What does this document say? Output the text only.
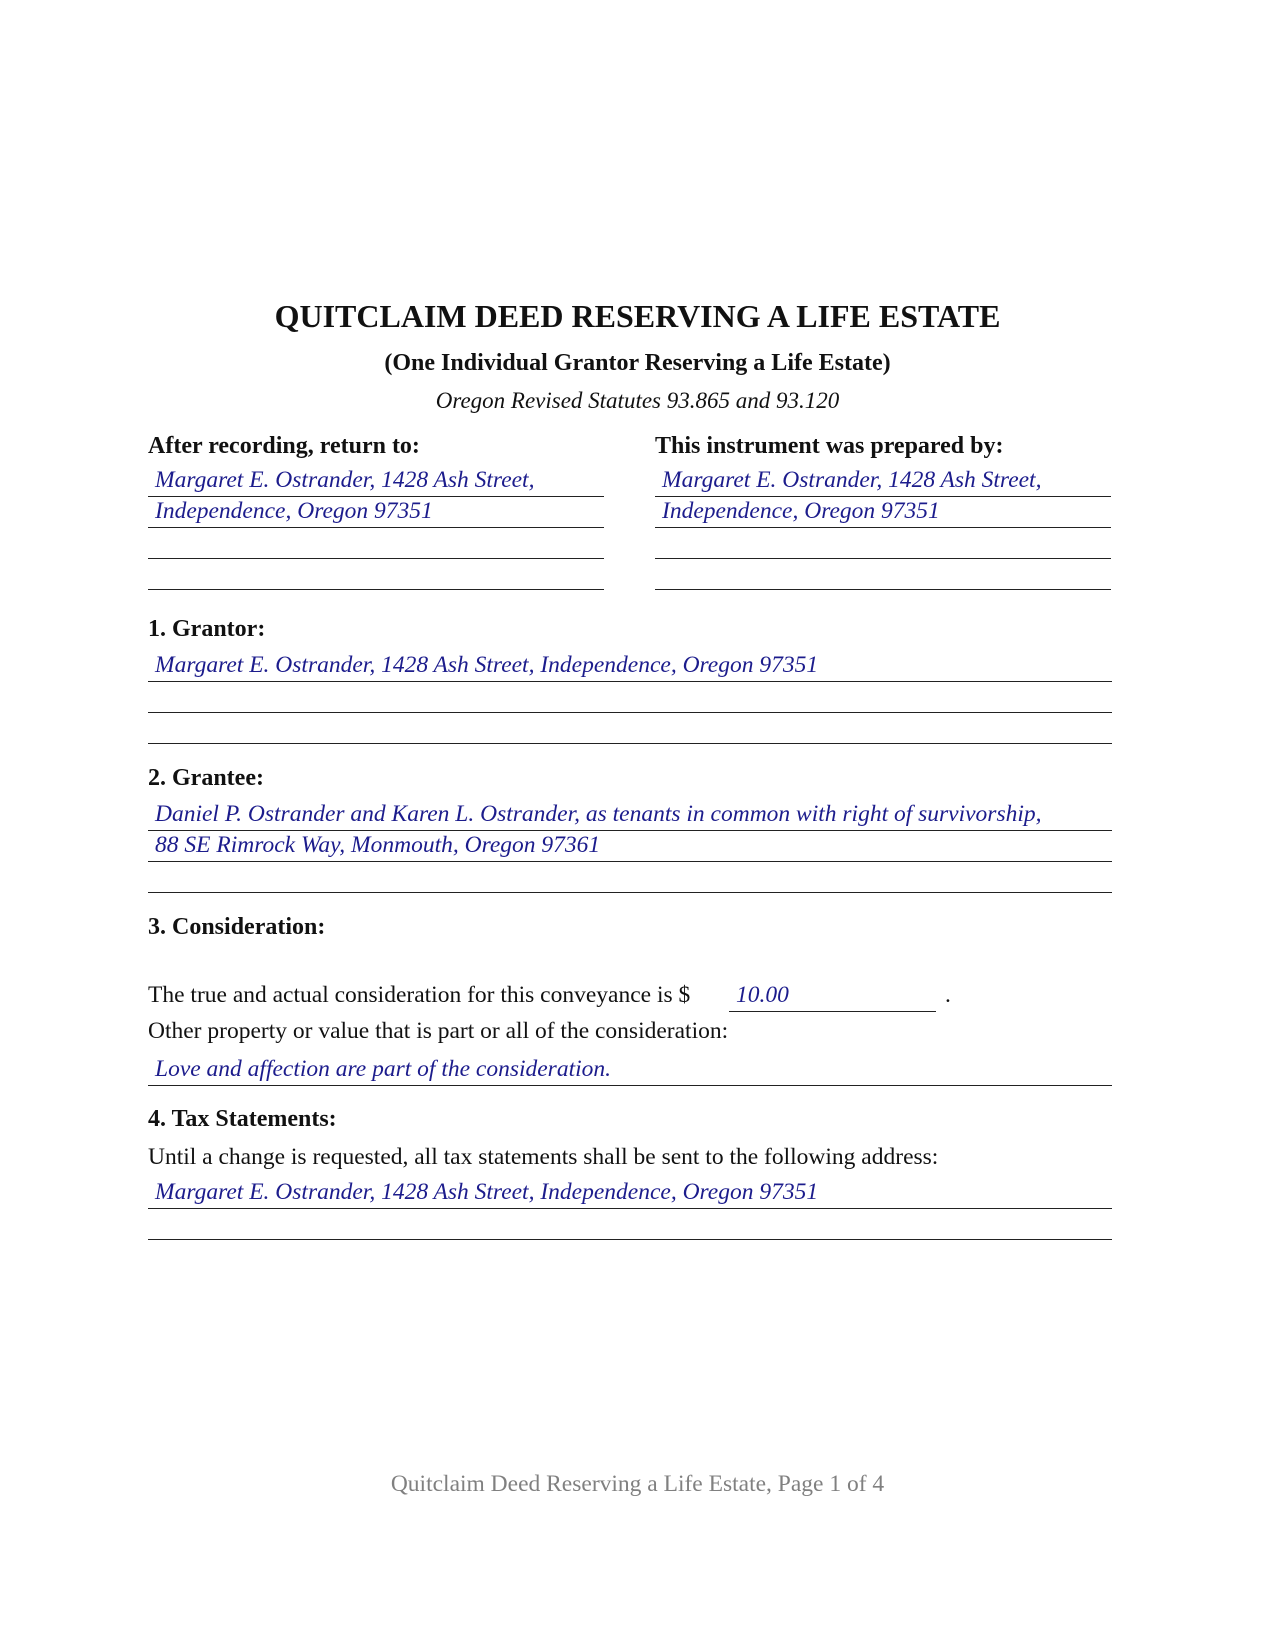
QUITCLAIM DEED RESERVING A LIFE ESTATE
(One Individual Grantor Reserving a Life Estate)
Oregon Revised Statutes 93.865 and 93.120
After recording, return to:
Margaret E. Ostrander, 1428 Ash Street,
Independence, Oregon 97351
This instrument was prepared by:
Margaret E. Ostrander, 1428 Ash Street,
Independence, Oregon 97351
1. Grantor:
Margaret E. Ostrander, 1428 Ash Street, Independence, Oregon 97351
2. Grantee:
Daniel P. Ostrander and Karen L. Ostrander, as tenants in common with right of survivorship,
88 SE Rimrock Way, Monmouth, Oregon 97361
3. Consideration:
The true and actual consideration for this conveyance is $ 10.00	.
Other property or value that is part or all of the consideration:
Love and affection are part of the consideration.
4. Tax Statements:
Until a change is requested, all tax statements shall be sent to the following address:
Margaret E. Ostrander, 1428 Ash Street, Independence, Oregon 97351
Quitclaim Deed Reserving a Life Estate, Page 1 of 4
